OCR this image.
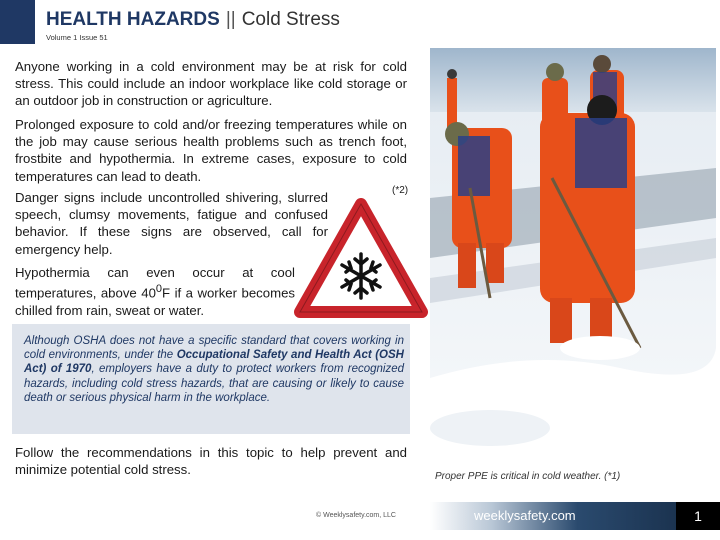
HEALTH HAZARDS || Cold Stress
Volume 1 Issue 51

Anyone working in a cold environment may be at risk for cold stress. This could include an indoor workplace like cold storage or an outdoor job in construction or agriculture.

Prolonged exposure to cold and/or freezing temperatures while on the job may cause serious health problems such as trench foot, frostbite and hypothermia. In extreme cases, exposure to cold temperatures can lead to death.

Danger signs include uncontrolled shivering, slurred speech, clumsy movements, fatigue and confused behavior. If these signs are observed, call for emergency help.

Hypothermia can even occur at cool temperatures, above $40^0F$ if a worker becomes chilled from rain, sweat or water.

(*2)

Although OSHA does not have a specific standard that covers working in cold environments, under the Occupational Safety and Health Act (OSH Act) of 1970, employers have a duty to protect workers from recognized hazards, including cold stress hazards, that are causing or likely to cause death or serious physical harm in the workplace.

Follow the recommendations in this topic to help prevent and minimize potential cold stress.	Proper PPE is critical in cold weather. (*1)
© Weeklysafety.com, LLC	weeklysafety.com	1
